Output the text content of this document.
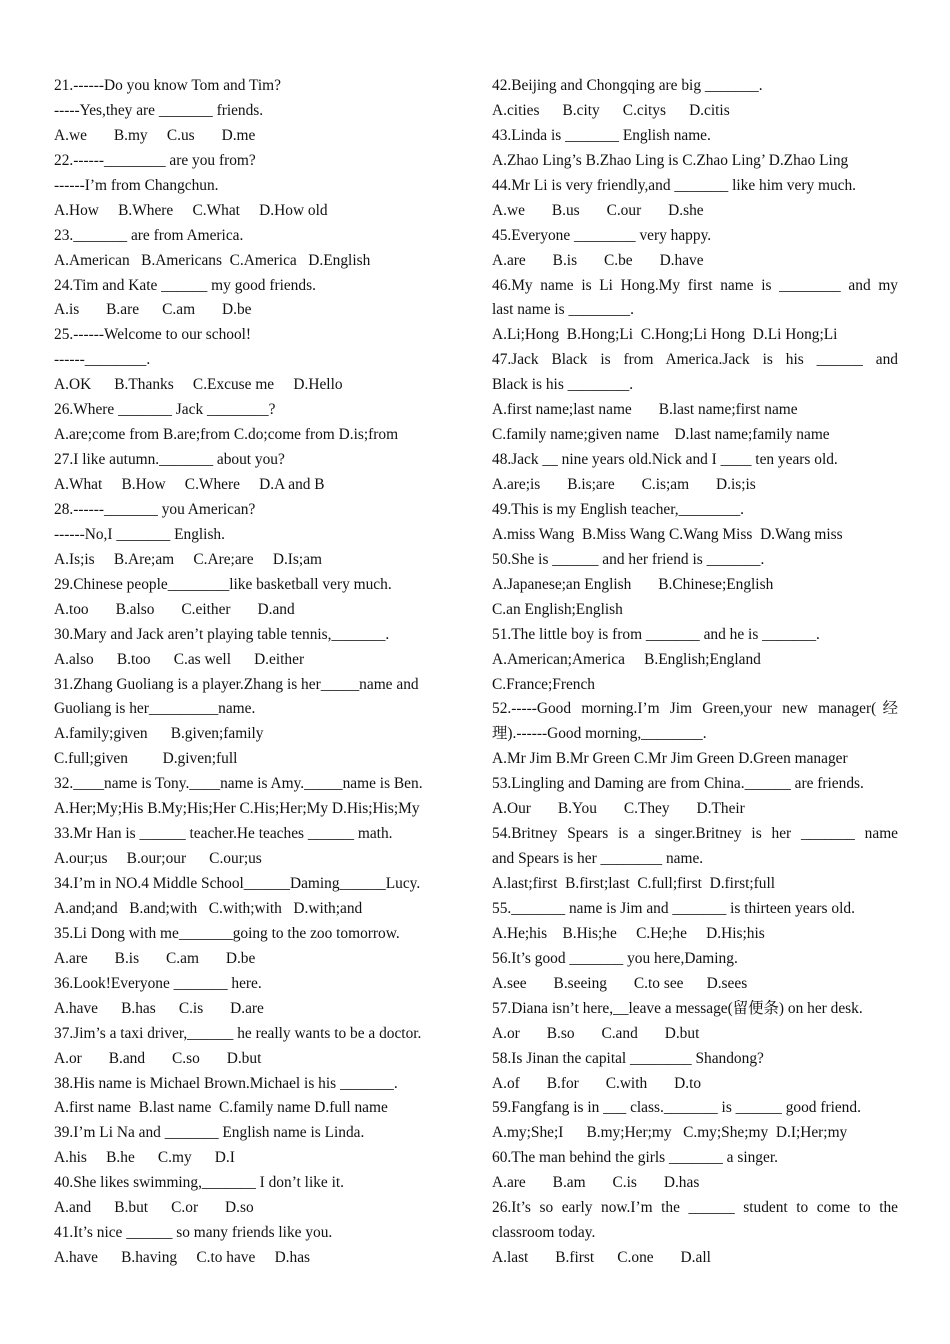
21.------Do you know Tom and Tim?
-----Yes,they are _______ friends.
A.we       B.my     C.us       D.me
22.------________ are you from?
------I’m from Changchun.
A.How     B.Where     C.What     D.How old
23._______ are from America.
A.American   B.Americans  C.America   D.English
24.Tim and Kate ______ my good friends.
A.is       B.are      C.am       D.be
25.------Welcome to our school!
------________.
A.OK      B.Thanks     C.Excuse me     D.Hello
26.Where _______ Jack ________?
A.are;come from B.are;from C.do;come from D.is;from
27.I like autumn._______ about you?
A.What     B.How     C.Where     D.A and B
28.------_______ you American?
------No,I _______ English.
A.Is;is     B.Are;am     C.Are;are     D.Is;am
29.Chinese people________like basketball very much.
A.too       B.also       C.either       D.and
30.Mary and Jack aren’t playing table tennis,_______.
A.also      B.too      C.as well      D.either
31.Zhang Guoliang is a player.Zhang is her_____name and
Guoliang is her_________name.
A.family;given      B.given;family
C.full;given         D.given;full
32.____name is Tony.____name is Amy._____name is Ben.
A.Her;My;His B.My;His;Her C.His;Her;My D.His;His;My
33.Mr Han is ______ teacher.He teaches ______ math.
A.our;us     B.our;our      C.our;us
34.I’m in NO.4 Middle School______Daming______Lucy.
A.and;and   B.and;with   C.with;with   D.with;and
35.Li Dong with me_______going to the zoo tomorrow.
A.are       B.is       C.am       D.be
36.Look!Everyone _______ here.
A.have      B.has      C.is       D.are
37.Jim’s a taxi driver,______ he really wants to be a doctor.
A.or       B.and       C.so       D.but
38.His name is Michael Brown.Michael is his _______.
A.first name  B.last name  C.family name D.full name
39.I’m Li Na and _______ English name is Linda.
A.his     B.he      C.my      D.I
40.She likes swimming,_______ I don’t like it.
A.and      B.but      C.or       D.so
41.It’s nice ______ so many friends like you.
A.have      B.having     C.to have     D.has
42.Beijing and Chongqing are big _______.
A.cities      B.city      C.citys      D.citis
43.Linda is _______ English name.
A.Zhao Ling’s B.Zhao Ling is C.Zhao Ling’ D.Zhao Ling
44.Mr Li is very friendly,and _______ like him very much.
A.we       B.us       C.our       D.she
45.Everyone ________ very happy.
A.are       B.is       C.be       D.have
46.My name is Li Hong.My first name is ________ and my
last name is ________.
A.Li;Hong  B.Hong;Li  C.Hong;Li Hong  D.Li Hong;Li
47.Jack Black is from America.Jack is his ______ and
Black is his ________.
A.first name;last name       B.last name;first name
C.family name;given name    D.last name;family name
48.Jack __ nine years old.Nick and I ____ ten years old.
A.are;is       B.is;are       C.is;am       D.is;is
49.This is my English teacher,________.
A.miss Wang  B.Miss Wang C.Wang Miss  D.Wang miss
50.She is ______ and her friend is _______.
A.Japanese;an English       B.Chinese;English
C.an English;English
51.The little boy is from _______ and he is _______.
A.American;America     B.English;England
C.France;French
52.-----Good morning.I’m Jim Green,your new manager(经
理).------Good morning,________.
A.Mr Jim B.Mr Green C.Mr Jim Green D.Green manager
53.Lingling and Daming are from China.______ are friends.
A.Our       B.You       C.They       D.Their
54.Britney Spears is a singer.Britney is her _______ name
and Spears is her ________ name.
A.last;first  B.first;last  C.full;first  D.first;full
55._______ name is Jim and _______ is thirteen years old.
A.He;his    B.His;he     C.He;he     D.His;his
56.It’s good _______ you here,Daming.
A.see       B.seeing       C.to see      D.sees
57.Diana isn’t here,__leave a message(留便条) on her desk.
A.or       B.so       C.and       D.but
58.Is Jinan the capital ________ Shandong?
A.of       B.for       C.with       D.to
59.Fangfang is in ___ class._______ is ______ good friend.
A.my;She;I      B.my;Her;my   C.my;She;my  D.I;Her;my
60.The man behind the girls _______ a singer.
A.are       B.am       C.is       D.has
26.It’s so early now.I’m the ______ student to come to the
classroom today.
A.last       B.first      C.one       D.all
